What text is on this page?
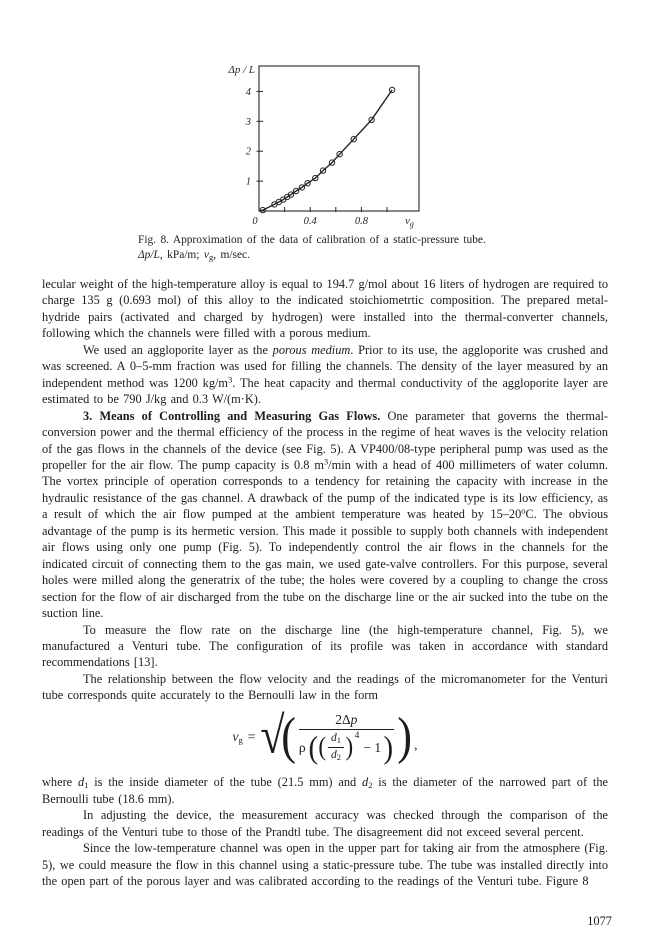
1
2
3
4
0.4	0.8
0
Δp / L
$v_g$
Fig. 8. Approximation of the data of calibration of a static-pressure tube.
Δp/L, kPa/m; vg, m/sec.

lecular weight of the high-temperature alloy is equal to 194.7 g/mol about 16 liters of hydrogen are required to charge 135 g (0.693 mol) of this alloy to the indicated stoichiometrtic composition. The prepared metal-hydride pairs (activated and charged by hydrogen) were installed into the thermal-converter channels, following which the channels were filled with a porous medium.

We used an aggloporite layer as the porous medium. Prior to its use, the aggloporite was crushed and was screened. A 0–5-mm fraction was used for filling the channels. The density of the layer measured by an independent method was 1200 $kg/m^3$. The heat capacity and thermal conductivity of the aggloporite layer are estimated to be 790 J/kg and 0.3 W/(m·K).

3. Means of Controlling and Measuring Gas Flows. One parameter that governs the thermal-conversion power and the thermal efficiency of the process in the regime of heat waves is the velocity relation of the gas flows in the channels of the device (see Fig. 5). A VP400/08-type peripheral pump was used as the propeller for the air flow. The pump capacity is 0.8 $m^3/\min$ with a head of 400 millimeters of water column. The vortex principle of operation corresponds to a tendency for retaining the capacity with increase in the hydraulic resistance of the gas channel. A drawback of the pump of the indicated type is its low efficiency, as a result of which the air flow pumped at the ambient temperature was heated by 15–20$^o$C. The obvious advantage of the pump is its hermetic version. This made it possible to supply both channels with independent air flows using only one pump (Fig. 5). To independently control the air flows in the channels for the indicated circuit of connecting them to the gas main, we used gate-valve controllers. For this purpose, several holes were milled along the generatrix of the tube; the holes were covered by a coupling to change the cross section for the flow of air discharged from the tube on the discharge line or the air sucked into the tube on the suction line.

To measure the flow rate on the discharge line (the high-temperature channel, Fig. 5), we manufactured a Venturi tube. The configuration of its profile was taken in accordance with standard recommendations [13].

The relationship between the flow velocity and the readings of the micromanometer for the Venturi tube corresponds quite accurately to the Bernoulli law in the form

vg = √
(	2Δp
ρ ( ( $\frac{d1}{d2}$ ) 4
− 1 ) ) ,

where d1 is the inside diameter of the tube (21.5 mm) and d2 is the diameter of the narrowed part of the Bernoulli tube (18.6 mm).

In adjusting the device, the measurement accuracy was checked through the comparison of the readings of the Venturi tube to those of the Prandtl tube. The disagreement did not exceed several percent.

Since the low-temperature channel was open in the upper part for taking air from the atmosphere (Fig. 5), we could measure the flow in this channel using a static-pressure tube. The tube was installed directly into the open part of the porous layer and was calibrated according to the readings of the Venturi tube. Figure 8

1077
